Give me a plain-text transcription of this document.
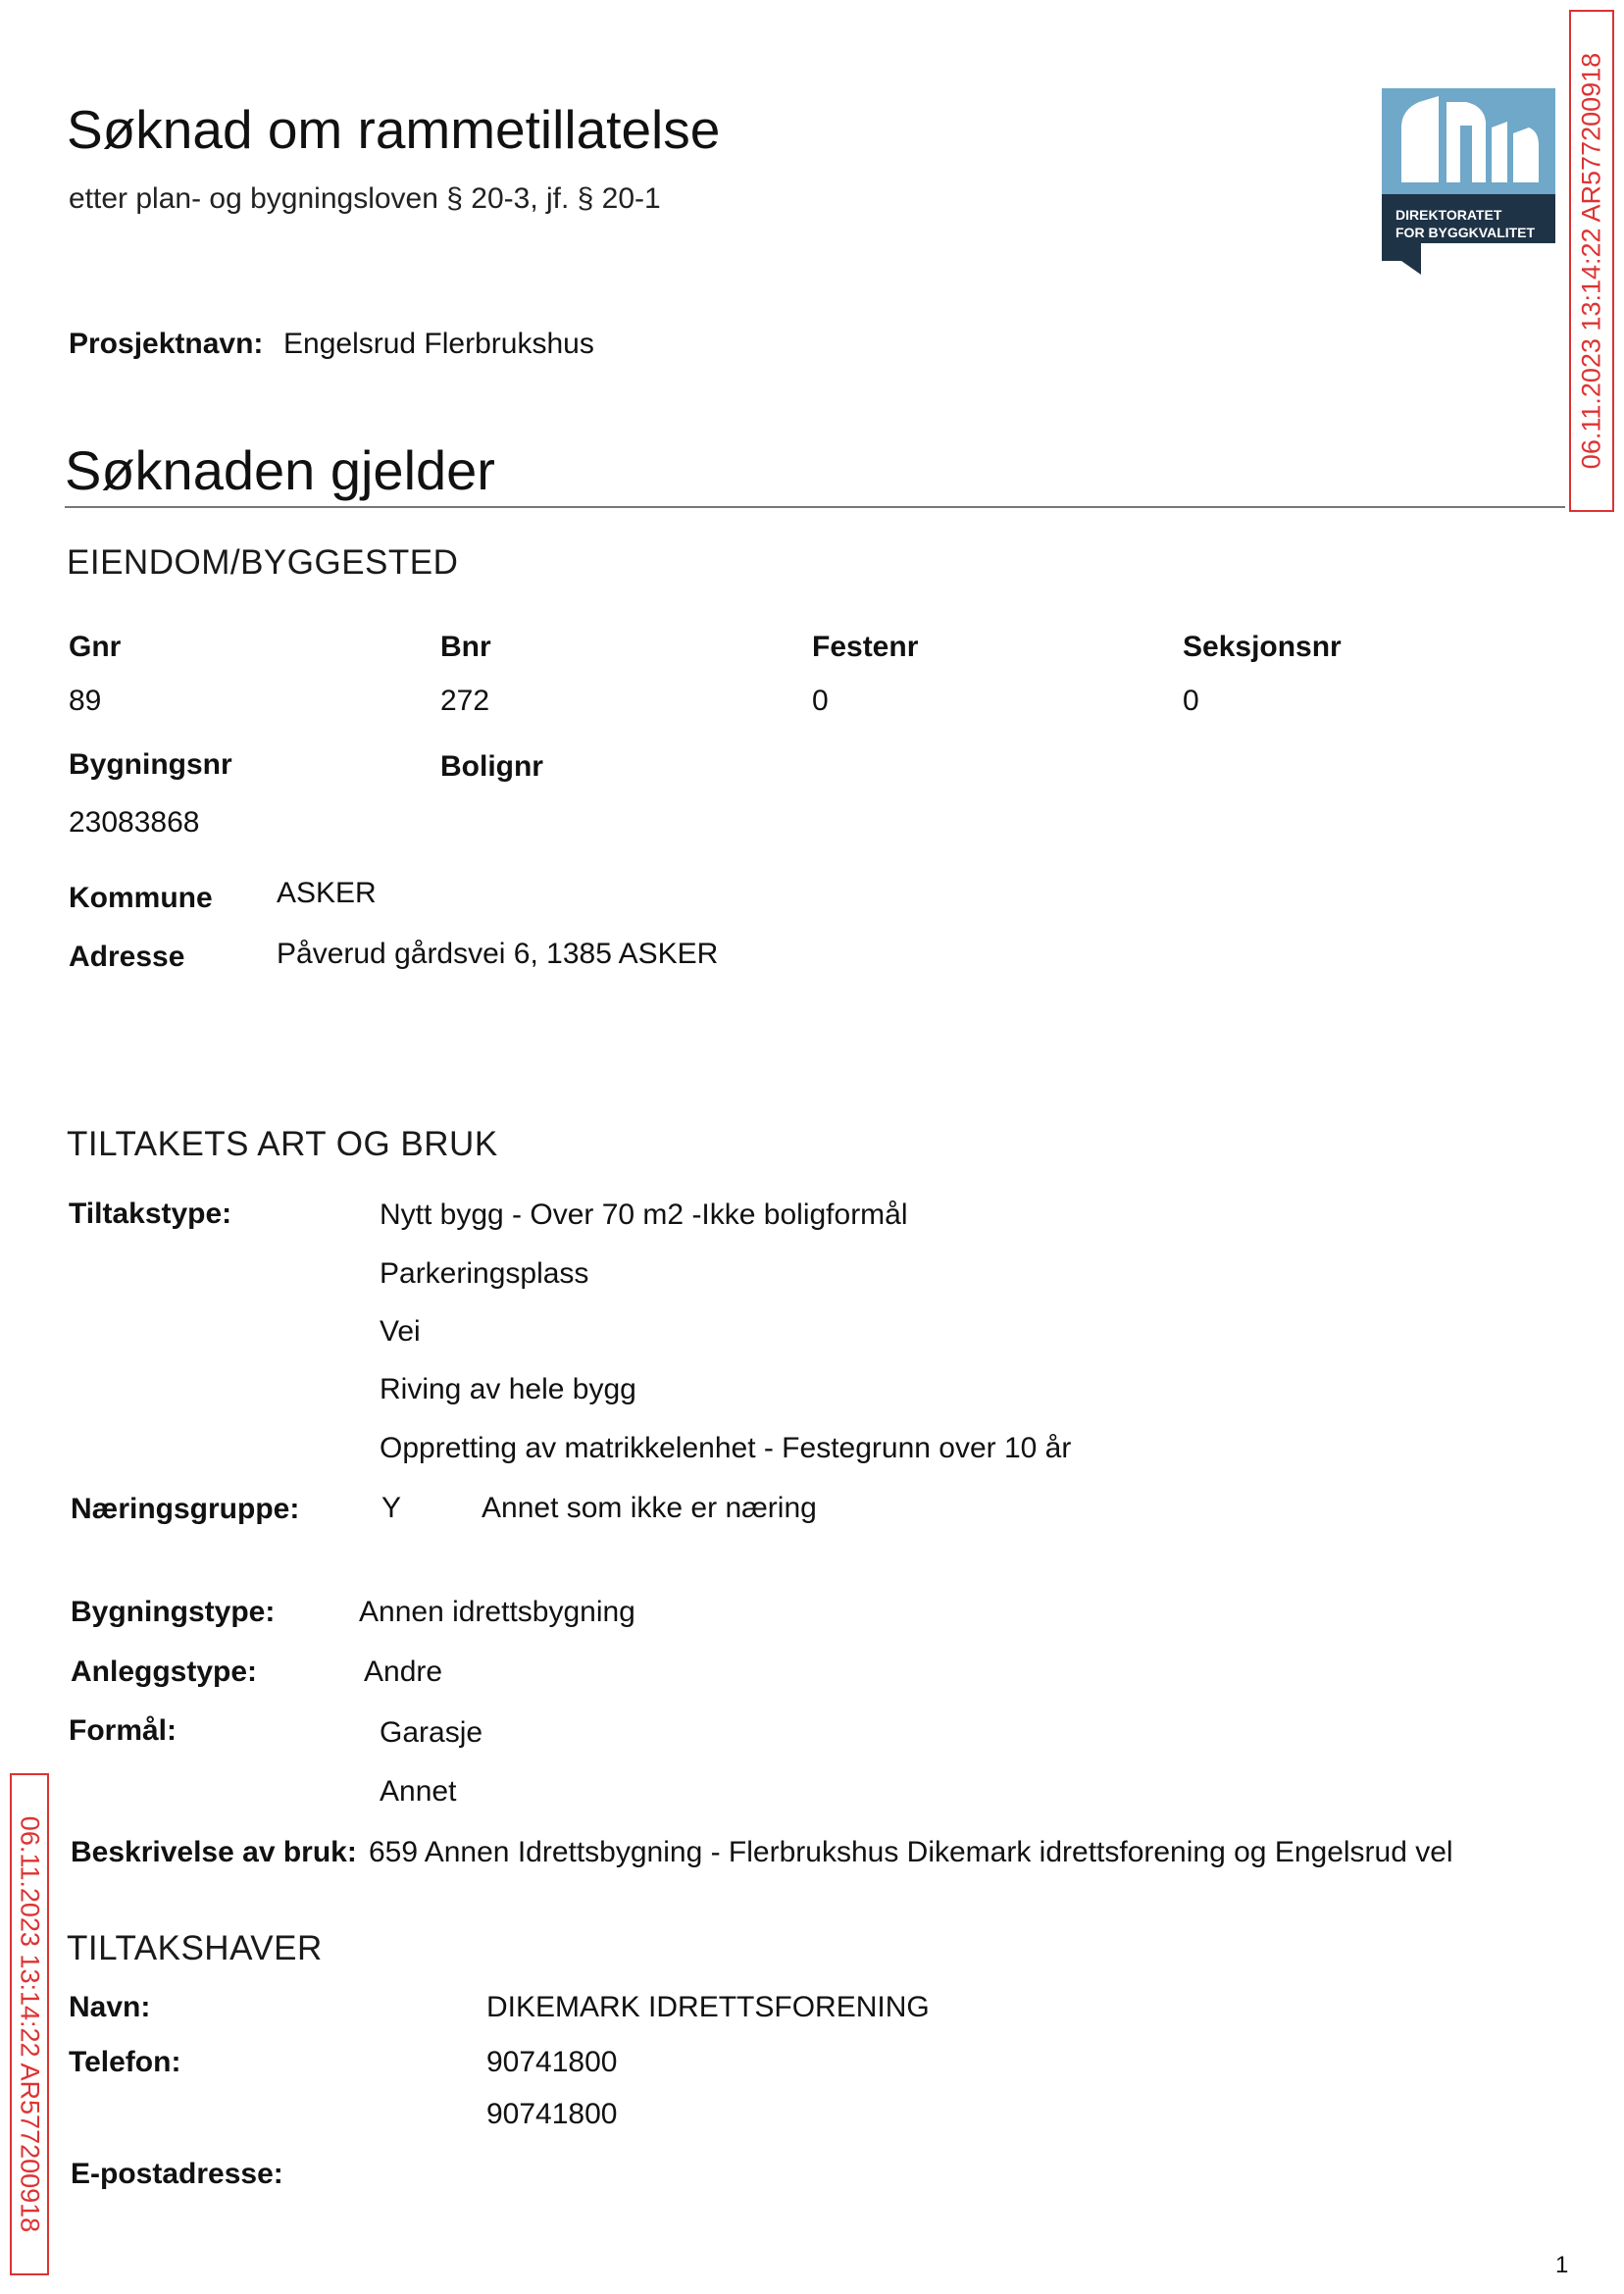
Søknad om rammetillatelse
etter plan- og bygningsloven § 20-3, jf. § 20-1	DIREKTORATET
FOR BYGGKVALITET 06.11.2023 13:14:22 AR577200918
06.11.2023 13:14:22 AR577200918
Prosjektnavn: Engelsrud Flerbrukshus
Søknaden gjelder
EIENDOM/BYGGESTED
Gnr	Bnr	Festenr	Seksjonsnr
89	272	0	0
Bygningsnr	Bolignr
23083868
Kommune ASKER
Adresse	Påverud gårdsvei 6, 1385 ASKER
TILTAKETS ART OG BRUK
Tiltakstype:	Nytt bygg - Over 70 m2 -Ikke boligformål
Parkeringsplass
Vei
Riving av hele bygg
Oppretting av matrikkelenhet - Festegrunn over 10 år
Næringsgruppe:	Y	Annet som ikke er næring
Bygningstype:	Annen idrettsbygning
Anleggstype:	Andre
Formål:	Garasje
Annet
Beskrivelse av bruk: 659 Annen Idrettsbygning - Flerbrukshus Dikemark idrettsforening og Engelsrud vel
TILTAKSHAVER
Navn:	DIKEMARK IDRETTSFORENING
Telefon:	90741800
90741800
E-postadresse:
1
